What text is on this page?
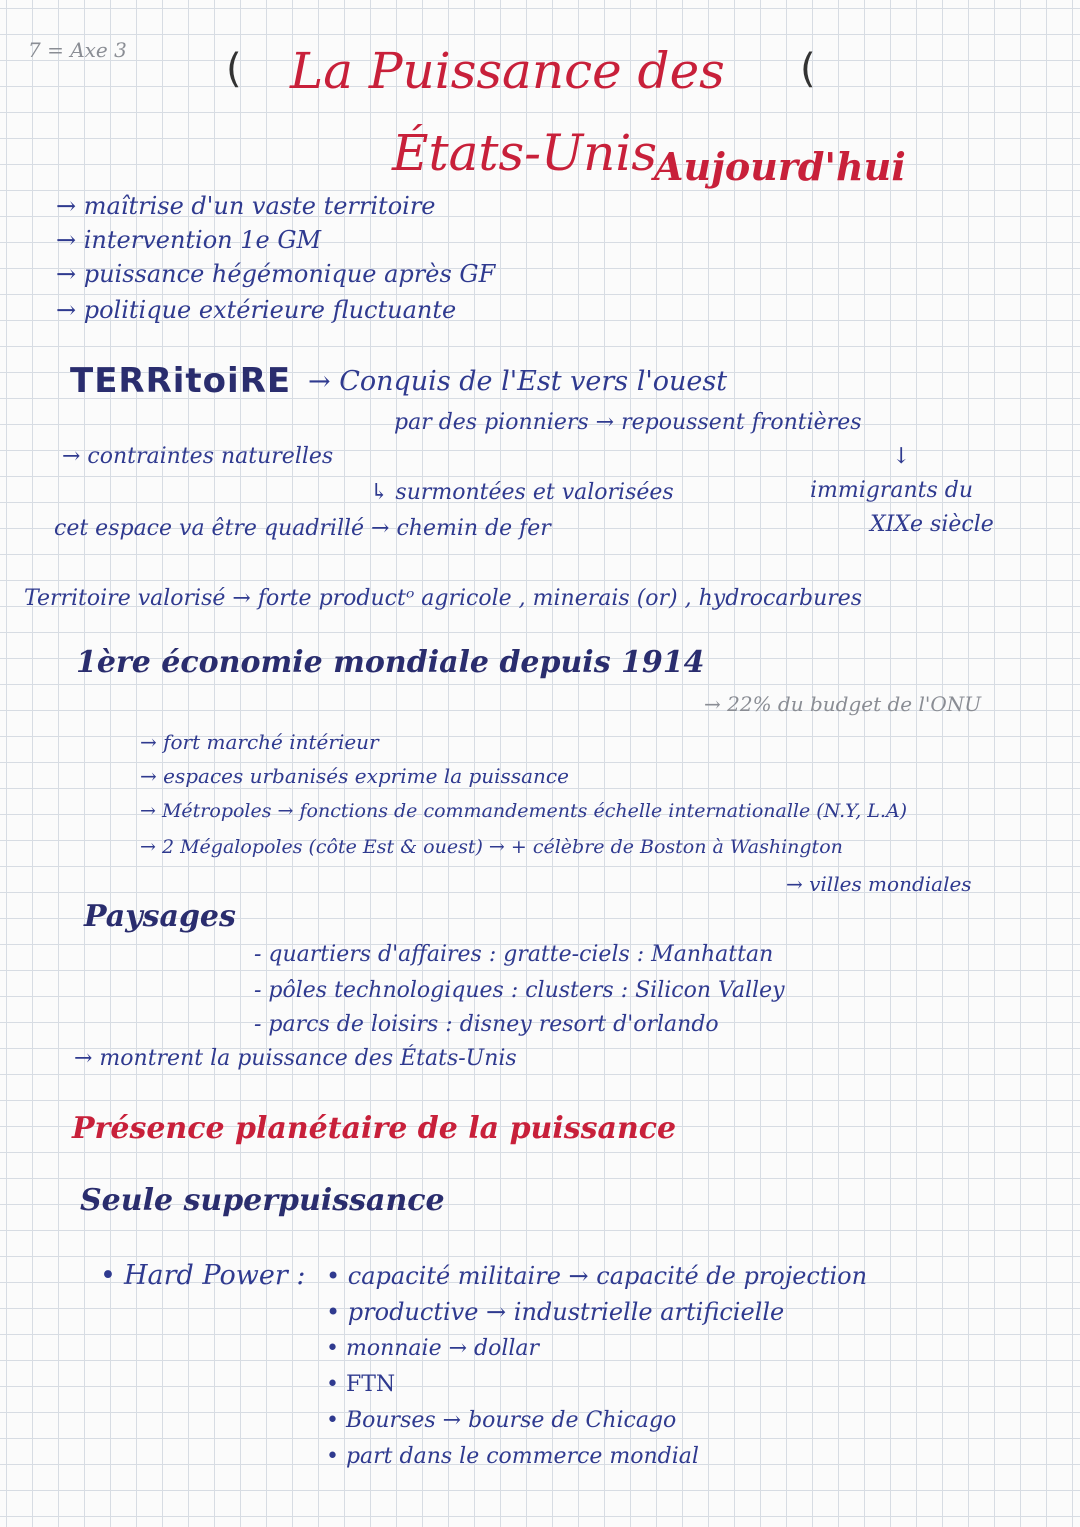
7 = Axe 3 (	(
La Puissance des
États-Unis
Aujourd'hui
→ maîtrise d'un vaste territoire
→ intervention 1e GM
→ puissance hégémonique après GF
→ politique extérieure fluctuante
TERRitoiRE → Conquis de l'Est vers l'ouest
par des pionniers → repoussent frontières
↓
→ contraintes naturelles
↳ surmontées et valorisées	immigrants du
XIXe siècle
cet espace va être quadrillé → chemin de fer
Territoire valorisé → forte productᵒ agricole , minerais (or) , hydrocarbures
1ère économie mondiale depuis 1914
→ 22% du budget de l'ONU
→ fort marché intérieur
→ espaces urbanisés exprime la puissance
→ Métropoles → fonctions de commandements échelle internationalle (N.Y, L.A)
→ 2 Mégalopoles (côte Est & ouest) → + célèbre de Boston à Washington
→ villes mondiales
Paysages
- quartiers d'affaires : gratte-ciels : Manhattan
- pôles technologiques : clusters : Silicon Valley
- parcs de loisirs : disney resort d'orlando
→ montrent la puissance des États-Unis
Présence planétaire de la puissance
Seule superpuissance
• Hard Power : • capacité militaire → capacité de projection
• productive → industrielle artificielle
• monnaie → dollar
• FTN
• Bourses → bourse de Chicago
• part dans le commerce mondial
